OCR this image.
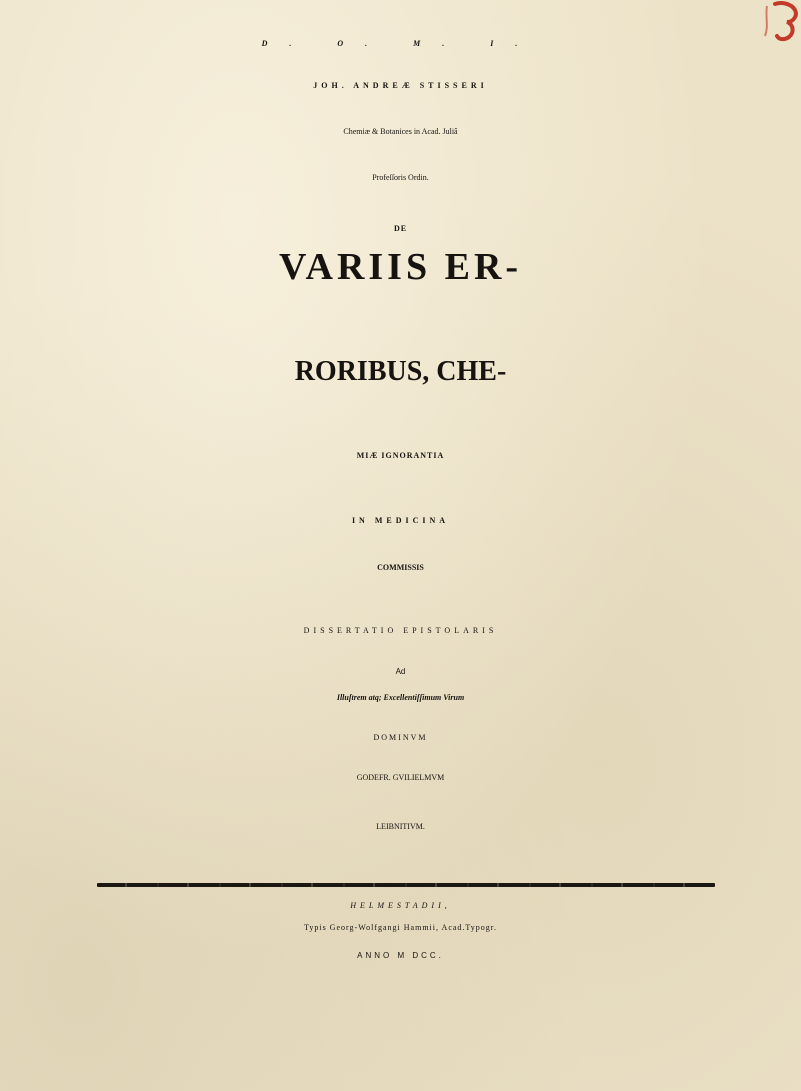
D. O. M. I.
JOH. ANDREÆ STISSERI
Chemiæ & Botanices in Acad. Juliâ
Profeſſoris Ordin.
DE
VARIIS ER-
RORIBUS, CHE-
MIÆ IGNORANTIA
IN MEDICINA
COMMISSIS
DISSERTATIO EPISTOLARIS
Ad
Illuſtrem atq; Excellentiſſimum Virum
DOMINVM
GODEFR. GVILIELMVM
LEIBNITIVM.
HELMESTADII,
Typis Georg-Wolfgangi Hammii, Acad.Typogr.
ANNO M DCC.
